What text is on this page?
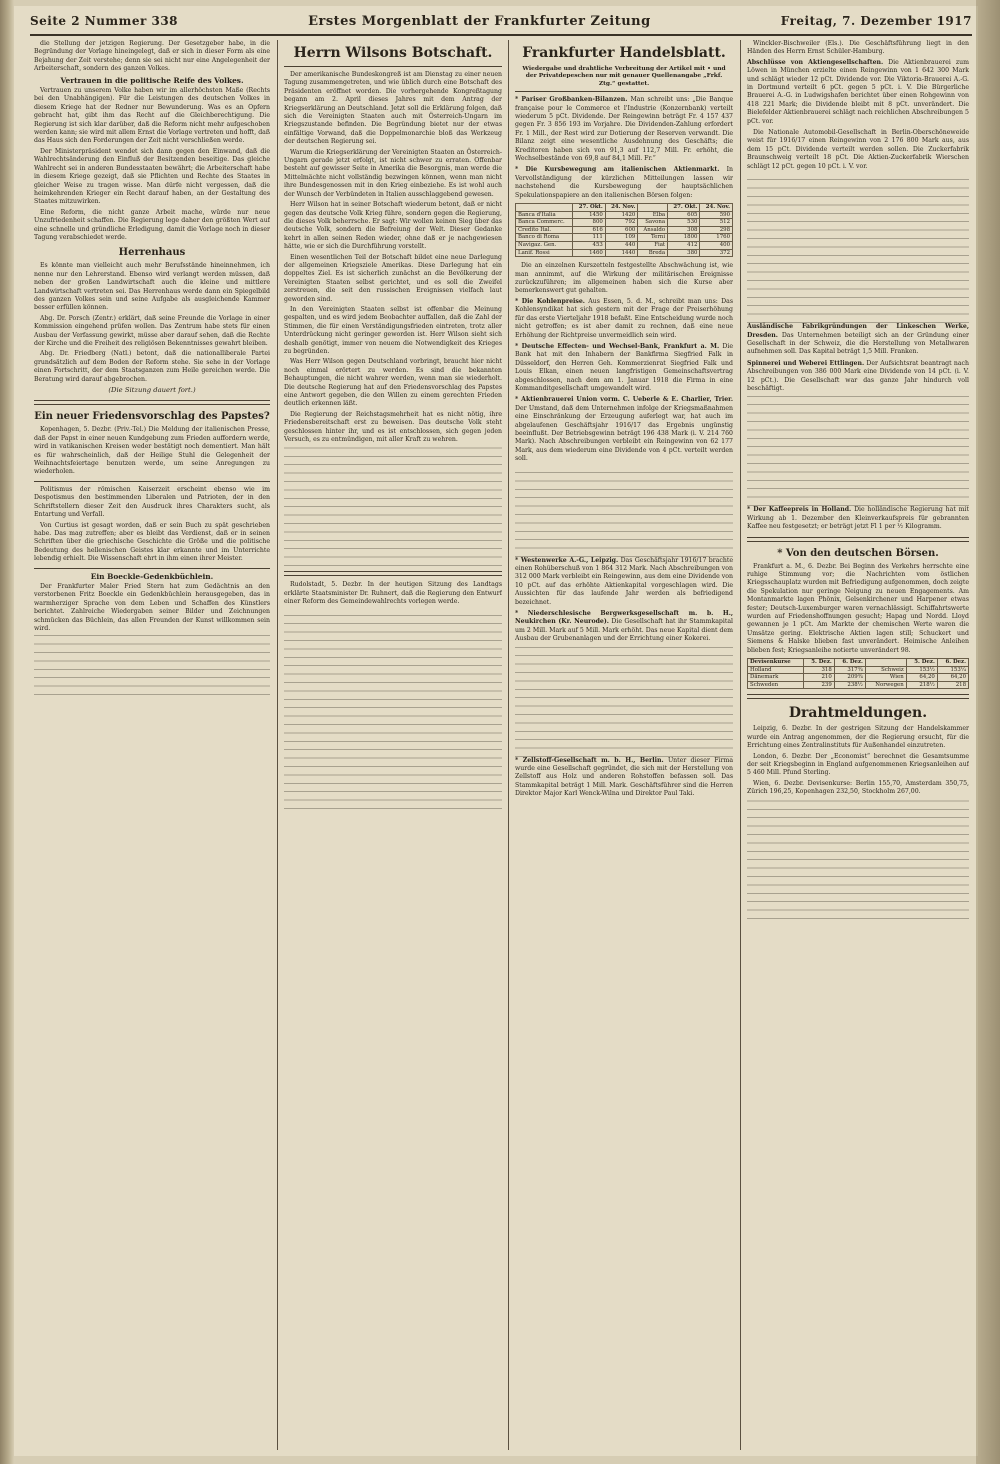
Seite 2 Nummer 338	Erstes Morgenblatt der Frankfurter Zeitung	Freitag, 7. Dezember 1917

die Stellung der jetzigen Regierung. Der Gesetzgeber habe, in die Begründung der Vorlage hineingelegt, daß er sich in dieser Form als eine Bejahung der Zeit verstehe; denn sie sei nicht nur eine Angelegenheit der Arbeiterschaft, sondern des ganzen Volkes.

Vertrauen in die politische Reife des Volkes.

Vertrauen zu unserem Volke haben wir im allerhöchsten Maße (Rechts bei den Unabhängigen). Für die Leistungen des deutschen Volkes in diesem Kriege hat der Redner nur Bewunderung. Was es an Opfern gebracht hat, gibt ihm das Recht auf die Gleichberechtigung. Die Regierung ist sich klar darüber, daß die Reform nicht mehr aufgeschoben werden kann; sie wird mit allem Ernst die Vorlage vertreten und hofft, daß das Haus sich den Forderungen der Zeit nicht verschließen werde.

Der Ministerpräsident wendet sich dann gegen den Einwand, daß die Wahlrechtsänderung den Einfluß der Besitzenden beseitige. Das gleiche Wahlrecht sei in anderen Bundesstaaten bewährt; die Arbeiterschaft habe in diesem Kriege gezeigt, daß sie Pflichten und Rechte des Staates in gleicher Weise zu tragen wisse. Man dürfe nicht vergessen, daß die heimkehrenden Krieger ein Recht darauf haben, an der Gestaltung des Staates mitzuwirken.

Eine Reform, die nicht ganze Arbeit mache, würde nur neue Unzufriedenheit schaffen. Die Regierung lege daher den größten Wert auf eine schnelle und gründliche Erledigung, damit die Vorlage noch in dieser Tagung verabschiedet werde.

Herrenhaus

Es könnte man vielleicht auch mehr Berufsstände hineinnehmen, ich nenne nur den Lehrerstand. Ebenso wird verlangt werden müssen, daß neben der großen Landwirtschaft auch die kleine und mittlere Landwirtschaft vertreten sei. Das Herrenhaus werde dann ein Spiegelbild des ganzen Volkes sein und seine Aufgabe als ausgleichende Kammer besser erfüllen können.

Abg. Dr. Porsch (Zentr.) erklärt, daß seine Freunde die Vorlage in einer Kommission eingehend prüfen wollen. Das Zentrum habe stets für einen Ausbau der Verfassung gewirkt, müsse aber darauf sehen, daß die Rechte der Kirche und die Freiheit des religiösen Bekenntnisses gewahrt bleiben.

Abg. Dr. Friedberg (Natl.) betont, daß die nationalliberale Partei grundsätzlich auf dem Boden der Reform stehe. Sie sehe in der Vorlage einen Fortschritt, der dem Staatsganzen zum Heile gereichen werde. Die Beratung wird darauf abgebrochen.

(Die Sitzung dauert fort.)
Ein neuer Friedensvorschlag des Papstes?

Kopenhagen, 5. Dezbr. (Priv.-Tel.) Die Meldung der italienischen Presse, daß der Papst in einer neuen Kundgebung zum Frieden auffordern werde, wird in vatikanischen Kreisen weder bestätigt noch dementiert. Man hält es für wahrscheinlich, daß der Heilige Stuhl die Gelegenheit der Weihnachtsfeiertage benutzen werde, um seine Anregungen zu wiederholen.

Politismus der römischen Kaiserzeit erscheint ebenso wie im Despotismus den bestimmenden Liberalen und Patrioten, der in den Schriftstellern dieser Zeit den Ausdruck ihres Charakters sucht, als Entartung und Verfall.

Von Curtius ist gesagt worden, daß er sein Buch zu spät geschrieben habe. Das mag zutreffen; aber es bleibt das Verdienst, daß er in seinen Schriften über die griechische Geschichte die Größe und die politische Bedeutung des hellenischen Geistes klar erkannte und im Unterrichte lebendig erhielt. Die Wissenschaft ehrt in ihm einen ihrer Meister.

Ein Boeckle-Gedenkbüchlein.

Der Frankfurter Maler Fried Stern hat zum Gedächtnis an den verstorbenen Fritz Boeckle ein Gedenkbüchlein herausgegeben, das in warmherziger Sprache von dem Leben und Schaffen des Künstlers berichtet. Zahlreiche Wiedergaben seiner Bilder und Zeichnungen schmücken das Büchlein, das allen Freunden der Kunst willkommen sein wird.

Herrn Wilsons Botschaft.

Der amerikanische Bundeskongreß ist am Dienstag zu einer neuen Tagung zusammengetreten, und wie üblich durch eine Botschaft des Präsidenten eröffnet worden. Die vorhergehende Kongreßtagung begann am 2. April dieses Jahres mit dem Antrag der Kriegserklärung an Deutschland. Jetzt soll die Erklärung folgen, daß sich die Vereinigten Staaten auch mit Österreich-Ungarn im Kriegszustande befinden. Die Begründung bietet nur der etwas einfältige Vorwand, daß die Doppelmonarchie bloß das Werkzeug der deutschen Regierung sei.

Warum die Kriegserklärung der Vereinigten Staaten an Österreich-Ungarn gerade jetzt erfolgt, ist nicht schwer zu erraten. Offenbar besteht auf gewisser Seite in Amerika die Besorgnis, man werde die Mittelmächte nicht vollständig bezwingen können, wenn man nicht ihre Bundesgenossen mit in den Krieg einbeziehe. Es ist wohl auch der Wunsch der Verbündeten in Italien ausschlaggebend gewesen.

Herr Wilson hat in seiner Botschaft wiederum betont, daß er nicht gegen das deutsche Volk Krieg führe, sondern gegen die Regierung, die dieses Volk beherrsche. Er sagt: Wir wollen keinen Sieg über das deutsche Volk, sondern die Befreiung der Welt. Dieser Gedanke kehrt in allen seinen Reden wieder, ohne daß er je nachgewiesen hätte, wie er sich die Durchführung vorstellt.

Einen wesentlichen Teil der Botschaft bildet eine neue Darlegung der allgemeinen Kriegsziele Amerikas. Diese Darlegung hat ein doppeltes Ziel. Es ist sicherlich zunächst an die Bevölkerung der Vereinigten Staaten selbst gerichtet, und es soll die Zweifel zerstreuen, die seit den russischen Ereignissen vielfach laut geworden sind.

In den Vereinigten Staaten selbst ist offenbar die Meinung gespalten, und es wird jedem Beobachter auffallen, daß die Zahl der Stimmen, die für einen Verständigungsfrieden eintreten, trotz aller Unterdrückung nicht geringer geworden ist. Herr Wilson sieht sich deshalb genötigt, immer von neuem die Notwendigkeit des Krieges zu begründen.

Was Herr Wilson gegen Deutschland vorbringt, braucht hier nicht noch einmal erörtert zu werden. Es sind die bekannten Behauptungen, die nicht wahrer werden, wenn man sie wiederholt. Die deutsche Regierung hat auf den Friedensvorschlag des Papstes eine Antwort gegeben, die den Willen zu einem gerechten Frieden deutlich erkennen läßt.

Die Regierung der Reichstagsmehrheit hat es nicht nötig, ihre Friedensbereitschaft erst zu beweisen. Das deutsche Volk steht geschlossen hinter ihr, und es ist entschlossen, sich gegen jeden Versuch, es zu entmündigen, mit aller Kraft zu wehren.

Rudolstadt, 5. Dezbr. In der heutigen Sitzung des Landtags erklärte Staatsminister Dr. Ruhnert, daß die Regierung den Entwurf einer Reform des Gemeindewahlrechts vorlegen werde.

Frankfurter Handelsblatt.
Wiedergabe und drahtliche Verbreitung der Artikel mit • und der Privatdepeschen nur mit genauer Quellenangabe „Frkf. Ztg.“ gestattet.
* Pariser Großbanken-Bilanzen. Man schreibt uns: „Die Banque française pour le Commerce et l'Industrie (Konzernbank) verteilt wiederum 5 pCt. Dividende. Der Reingewinn beträgt Fr. 4 157 437 gegen Fr. 3 856 193 im Vorjahre. Die Dividenden-Zahlung erfordert Fr. 1 Mill., der Rest wird zur Dotierung der Reserven verwandt. Die Bilanz zeigt eine wesentliche Ausdehnung des Geschäfts; die Kreditoren haben sich von 91,3 auf 112,7 Mill. Fr. erhöht, die Wechselbestände von 69,8 auf 84,1 Mill. Fr.“
* Die Kursbewegung am italienischen Aktienmarkt. In Vervollständigung der kürzlichen Mitteilungen lassen wir nachstehend die Kursbewegung der hauptsächlichen Spekulationspapiere an den italienischen Börsen folgen:
	27. Okt.	24. Nov.		27. Okt.	24. Nov.
Banca d'Italia	1450	1420	Elba	605	590
Banca Commerc.	800	792	Savona	530	512
Credito Ital.	616	600	Ansaldo	308	298
Banco di Roma	111	109	Terni	1800	1760
Navigaz. Gen.	453	440	Fiat	412	400
Lanif. Rossi	1460	1440	Breda	380	372

Die an einzelnen Kurszetteln festgestellte Abschwächung ist, wie man annimmt, auf die Wirkung der militärischen Ereignisse zurückzuführen; im allgemeinen haben sich die Kurse aber bemerkenswert gut gehalten.

* Die Kohlenpreise. Aus Essen, 5. d. M., schreibt man uns: Das Kohlensyndikat hat sich gestern mit der Frage der Preiserhöhung für das erste Vierteljahr 1918 befaßt. Eine Entscheidung wurde noch nicht getroffen; es ist aber damit zu rechnen, daß eine neue Erhöhung der Richtpreise unvermeidlich sein wird.
* Deutsche Effecten- und Wechsel-Bank, Frankfurt a. M. Die Bank hat mit den Inhabern der Bankfirma Siegfried Falk in Düsseldorf, den Herren Geh. Kommerzienrat Siegfried Falk und Louis Elkan, einen neuen langfristigen Gemeinschaftsvertrag abgeschlossen, nach dem am 1. Januar 1918 die Firma in eine Kommanditgesellschaft umgewandelt wird.
* Aktienbrauerei Union vorm. C. Ueberle & E. Charlier, Trier. Der Umstand, daß dem Unternehmen infolge der Kriegsmaßnahmen eine Einschränkung der Erzeugung auferlegt war, hat auch im abgelaufenen Geschäftsjahr 1916/17 das Ergebnis ungünstig beeinflußt. Der Betriebsgewinn beträgt 196 438 Mark (i. V. 214 760 Mark). Nach Abschreibungen verbleibt ein Reingewinn von 62 177 Mark, aus dem wiederum eine Dividende von 4 pCt. verteilt werden soll.
* Westenwerke A.-G., Leipzig. Das Geschäftsjahr 1916/17 brachte einen Rohüberschuß von 1 864 312 Mark. Nach Abschreibungen von 312 000 Mark verbleibt ein Reingewinn, aus dem eine Dividende von 10 pCt. auf das erhöhte Aktienkapital vorgeschlagen wird. Die Aussichten für das laufende Jahr werden als befriedigend bezeichnet.
* Niederschlesische Bergwerksgesellschaft m. b. H., Neukirchen (Kr. Neurode). Die Gesellschaft hat ihr Stammkapital um 2 Mill. Mark auf 5 Mill. Mark erhöht. Das neue Kapital dient dem Ausbau der Grubenanlagen und der Errichtung einer Kokerei.
* Zellstoff-Gesellschaft m. b. H., Berlin. Unter dieser Firma wurde eine Gesellschaft gegründet, die sich mit der Herstellung von Zellstoff aus Holz und anderen Rohstoffen befassen soll. Das Stammkapital beträgt 1 Mill. Mark. Geschäftsführer sind die Herren Direktor Major Karl Wenck-Wilna und Direktor Paul Taki.

Winckler-Bischweiler (Els.). Die Geschäftsführung liegt in den Händen des Herrn Ernst Schüler-Hamburg.

Abschlüsse von Aktiengesellschaften. Die Aktienbrauerei zum Löwen in München erzielte einen Reingewinn von 1 642 300 Mark und schlägt wieder 12 pCt. Dividende vor. Die Viktoria-Brauerei A.-G. in Dortmund verteilt 6 pCt. gegen 5 pCt. i. V. Die Bürgerliche Brauerei A.-G. in Ludwigshafen berichtet über einen Rohgewinn von 418 221 Mark; die Dividende bleibt mit 8 pCt. unverändert. Die Bielefelder Aktienbrauerei schlägt nach reichlichen Abschreibungen 5 pCt. vor.

Die Nationale Automobil-Gesellschaft in Berlin-Oberschöneweide weist für 1916/17 einen Reingewinn von 2 176 800 Mark aus, aus dem 15 pCt. Dividende verteilt werden sollen. Die Zuckerfabrik Braunschweig verteilt 18 pCt. Die Aktien-Zuckerfabrik Wierschen schlägt 12 pCt. gegen 10 pCt. i. V. vor.

Ausländische Fabrikgründungen der Linkeschen Werke, Dresden. Das Unternehmen beteiligt sich an der Gründung einer Gesellschaft in der Schweiz, die die Herstellung von Metallwaren aufnehmen soll. Das Kapital beträgt 1,5 Mill. Franken.
Spinnerei und Weberei Ettlingen. Der Aufsichtsrat beantragt nach Abschreibungen von 386 000 Mark eine Dividende von 14 pCt. (i. V. 12 pCt.). Die Gesellschaft war das ganze Jahr hindurch voll beschäftigt.
* Der Kaffeepreis in Holland. Die holländische Regierung hat mit Wirkung ab 1. Dezember den Kleinverkaufspreis für gebrannten Kaffee neu festgesetzt; er beträgt jetzt Fl 1 per ½ Kilogramm.
* Von den deutschen Börsen.

Frankfurt a. M., 6. Dezbr. Bei Beginn des Verkehrs herrschte eine ruhige Stimmung vor; die Nachrichten vom östlichen Kriegsschauplatz wurden mit Befriedigung aufgenommen, doch zeigte die Spekulation nur geringe Neigung zu neuen Engagements. Am Montanmarkte lagen Phönix, Gelsenkirchener und Harpener etwas fester; Deutsch-Luxemburger waren vernachlässigt. Schiffahrtswerte wurden auf Friedenshoffnungen gesucht; Hapag und Nordd. Lloyd gewannen je 1 pCt. Am Markte der chemischen Werte waren die Umsätze gering. Elektrische Aktien lagen still; Schuckert und Siemens & Halske blieben fast unverändert. Heimische Anleihen blieben fest; Kriegsanleihe notierte unverändert 98.

Devisenkurse	5. Dez.	6. Dez.		5. Dez.	6. Dez.
Holland	318	317¾	Schweiz	153½	153¼
Dänemark	210	209¾	Wien	64,20	64,20
Schweden	239	238½	Norwegen	218½	218
Drahtmeldungen.

Leipzig, 6. Dezbr. In der gestrigen Sitzung der Handelskammer wurde ein Antrag angenommen, der die Regierung ersucht, für die Errichtung eines Zentralinstituts für Außenhandel einzutreten.

London, 6. Dezbr. Der „Economist“ berechnet die Gesamtsumme der seit Kriegsbeginn in England aufgenommenen Kriegsanleihen auf 5 460 Mill. Pfund Sterling.

Wien, 6. Dezbr. Devisenkurse: Berlin 155,70, Amsterdam 350,75, Zürich 196,25, Kopenhagen 232,50, Stockholm 267,00.
